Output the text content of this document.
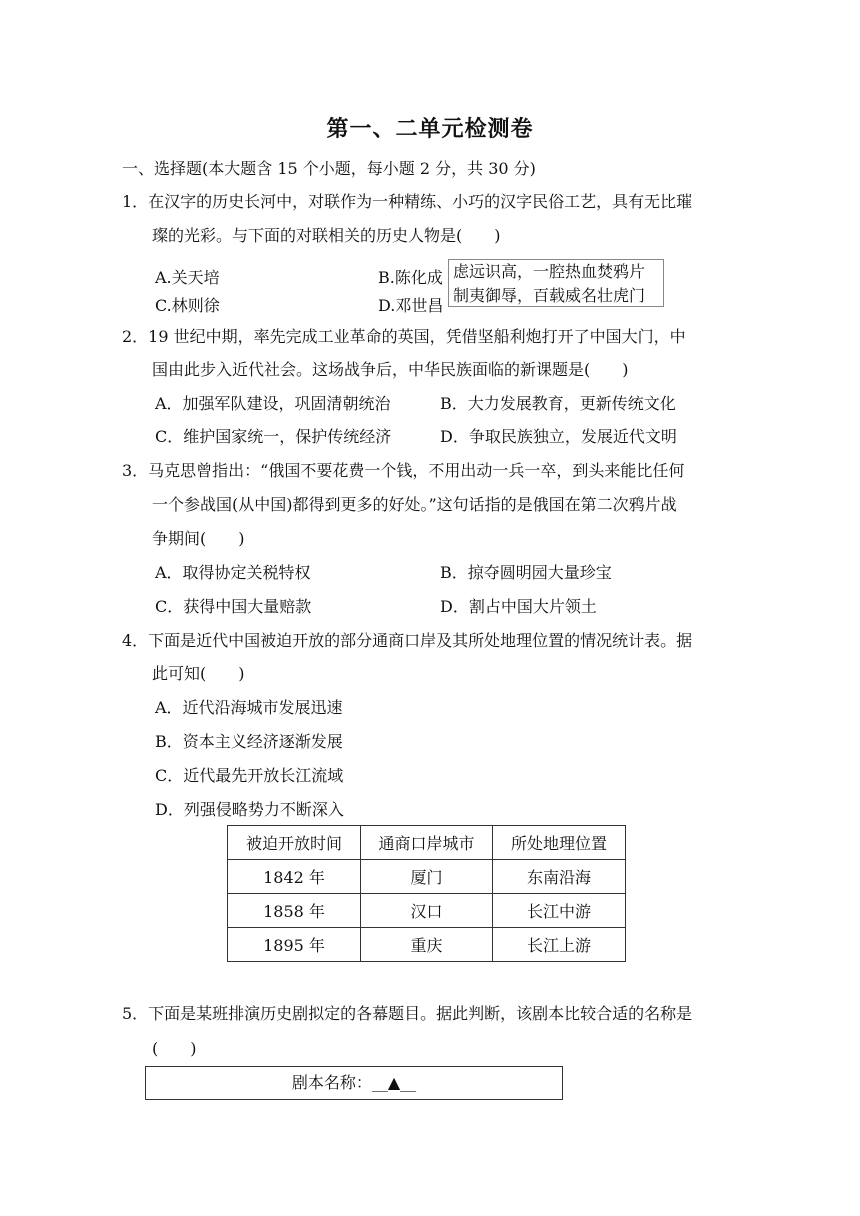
第一、二单元检测卷
一、选择题(本大题含 15 个小题，每小题 2 分，共 30 分)
1．在汉字的历史长河中，对联作为一种精练、小巧的汉字民俗工艺，具有无比璀
璨的光彩。与下面的对联相关的历史人物是(　　)
A.关天培	B.陈化成
C.林则徐	D.邓世昌
虑远识高，一腔热血焚鸦片
制夷御辱，百载威名壮虎门
2．19 世纪中期，率先完成工业革命的英国，凭借坚船利炮打开了中国大门，中
国由此步入近代社会。这场战争后，中华民族面临的新课题是(　　)
A．加强军队建设，巩固清朝统治	B．大力发展教育，更新传统文化
C．维护国家统一，保护传统经济	D．争取民族独立，发展近代文明
3．马克思曾指出：“俄国不要花费一个钱，不用出动一兵一卒，到头来能比任何
一个参战国(从中国)都得到更多的好处。”这句话指的是俄国在第二次鸦片战
争期间(　　)
A．取得协定关税特权	B．掠夺圆明园大量珍宝
C．获得中国大量赔款	D．割占中国大片领土
4．下面是近代中国被迫开放的部分通商口岸及其所处地理位置的情况统计表。据
此可知(　　)
A．近代沿海城市发展迅速
B．资本主义经济逐渐发展
C．近代最先开放长江流域
D．列强侵略势力不断深入
被迫开放时间	通商口岸城市	所处地理位置
1842 年	厦门	东南沿海
1858 年	汉口	长江中游
1895 年	重庆	长江上游
5．下面是某班排演历史剧拟定的各幕题目。据此判断，该剧本比较合适的名称是
(　　)
剧本名称：__▲__
